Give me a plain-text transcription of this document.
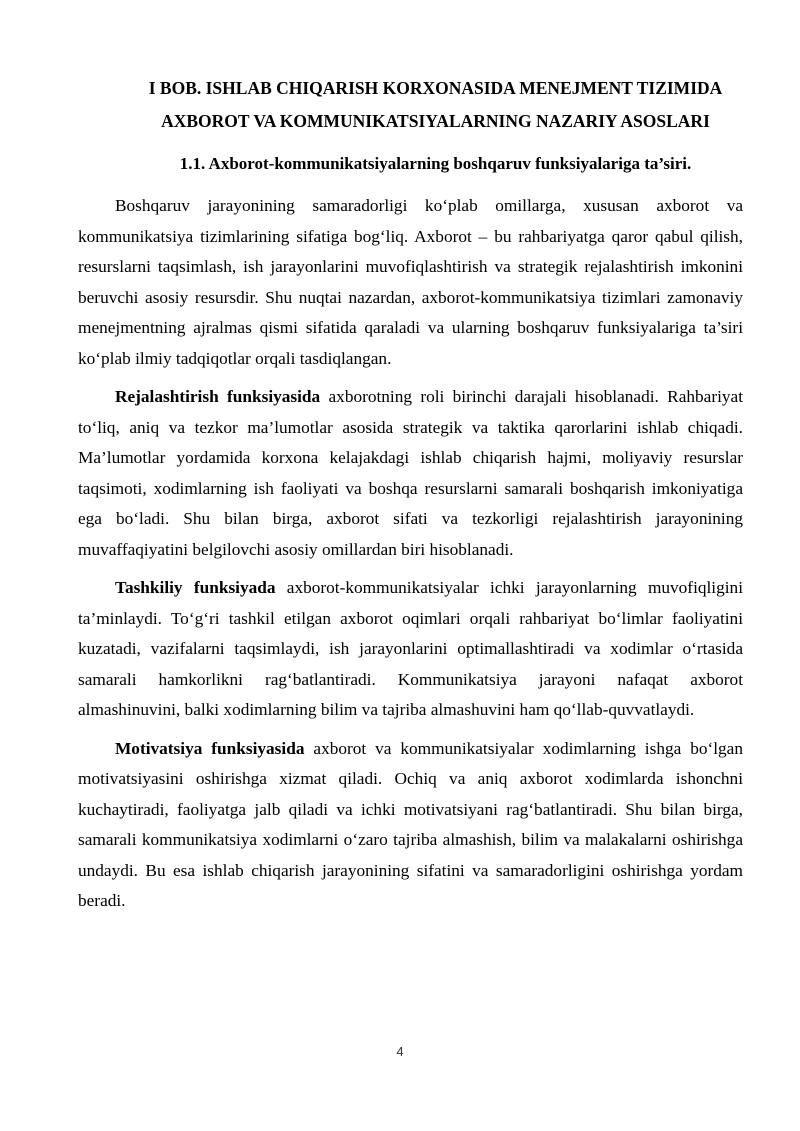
I BOB. ISHLAB CHIQARISH KORXONASIDA MENEJMENT TIZIMIDA
AXBOROT VA KOMMUNIKATSIYALARNING NAZARIY ASOSLARI
1.1. Axborot-kommunikatsiyalarning boshqaruv funksiyalariga ta’siri.

Boshqaruv jarayonining samaradorligi ko‘plab omillarga, xususan axborot va kommunikatsiya tizimlarining sifatiga bog‘liq. Axborot – bu rahbariyatga qaror qabul qilish, resurslarni taqsimlash, ish jarayonlarini muvofiqlashtirish va strategik rejalashtirish imkonini beruvchi asosiy resursdir. Shu nuqtai nazardan, axborot-kommunikatsiya tizimlari zamonaviy menejmentning ajralmas qismi sifatida qaraladi va ularning boshqaruv funksiyalariga ta’siri ko‘plab ilmiy tadqiqotlar orqali tasdiqlangan.

Rejalashtirish funksiyasida axborotning roli birinchi darajali hisoblanadi. Rahbariyat to‘liq, aniq va tezkor ma’lumotlar asosida strategik va taktika qarorlarini ishlab chiqadi. Ma’lumotlar yordamida korxona kelajakdagi ishlab chiqarish hajmi, moliyaviy resurslar taqsimoti, xodimlarning ish faoliyati va boshqa resurslarni samarali boshqarish imkoniyatiga ega bo‘ladi. Shu bilan birga, axborot sifati va tezkorligi rejalashtirish jarayonining muvaffaqiyatini belgilovchi asosiy omillardan biri hisoblanadi.

Tashkiliy funksiyada axborot-kommunikatsiyalar ichki jarayonlarning muvofiqligini ta’minlaydi. To‘g‘ri tashkil etilgan axborot oqimlari orqali rahbariyat bo‘limlar faoliyatini kuzatadi, vazifalarni taqsimlaydi, ish jarayonlarini optimallashtiradi va xodimlar o‘rtasida samarali hamkorlikni rag‘batlantiradi. Kommunikatsiya jarayoni nafaqat axborot almashinuvini, balki xodimlarning bilim va tajriba almashuvini ham qo‘llab-quvvatlaydi.

Motivatsiya funksiyasida axborot va kommunikatsiyalar xodimlarning ishga bo‘lgan motivatsiyasini oshirishga xizmat qiladi. Ochiq va aniq axborot xodimlarda ishonchni kuchaytiradi, faoliyatga jalb qiladi va ichki motivatsiyani rag‘batlantiradi. Shu bilan birga, samarali kommunikatsiya xodimlarni o‘zaro tajriba almashish, bilim va malakalarni oshirishga undaydi. Bu esa ishlab chiqarish jarayonining sifatini va samaradorligini oshirishga yordam beradi.

4
